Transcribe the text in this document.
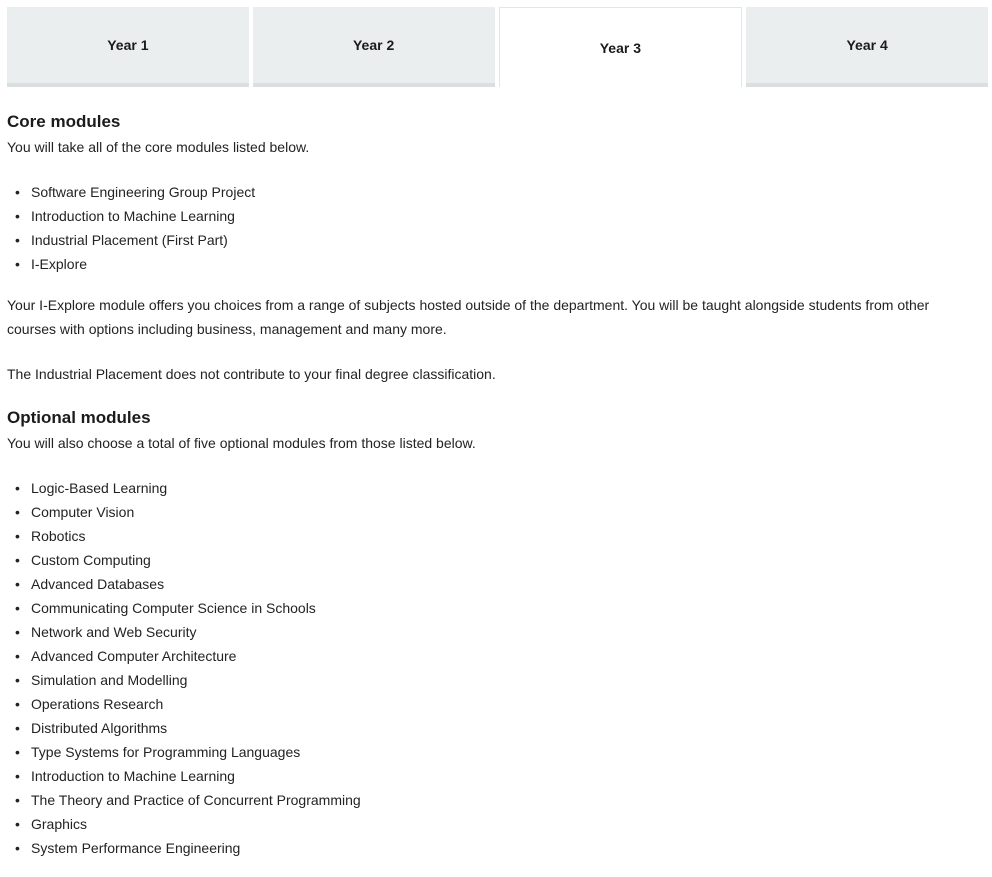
Year 1	Year 2	Year 3	Year 4
Core modules

You will take all of the core modules listed below.

• Software Engineering Group Project
• Introduction to Machine Learning
• Industrial Placement (First Part)
• I-Explore

Your I-Explore module offers you choices from a range of subjects hosted outside of the department. You will be taught alongside students from other courses with options including business, management and many more.

The Industrial Placement does not contribute to your final degree classification.

Optional modules

You will also choose a total of five optional modules from those listed below.

• Logic-Based Learning
• Computer Vision
• Robotics
• Custom Computing
• Advanced Databases
• Communicating Computer Science in Schools
• Network and Web Security
• Advanced Computer Architecture
• Simulation and Modelling
• Operations Research
• Distributed Algorithms
• Type Systems for Programming Languages
• Introduction to Machine Learning
• The Theory and Practice of Concurrent Programming
• Graphics
• System Performance Engineering
